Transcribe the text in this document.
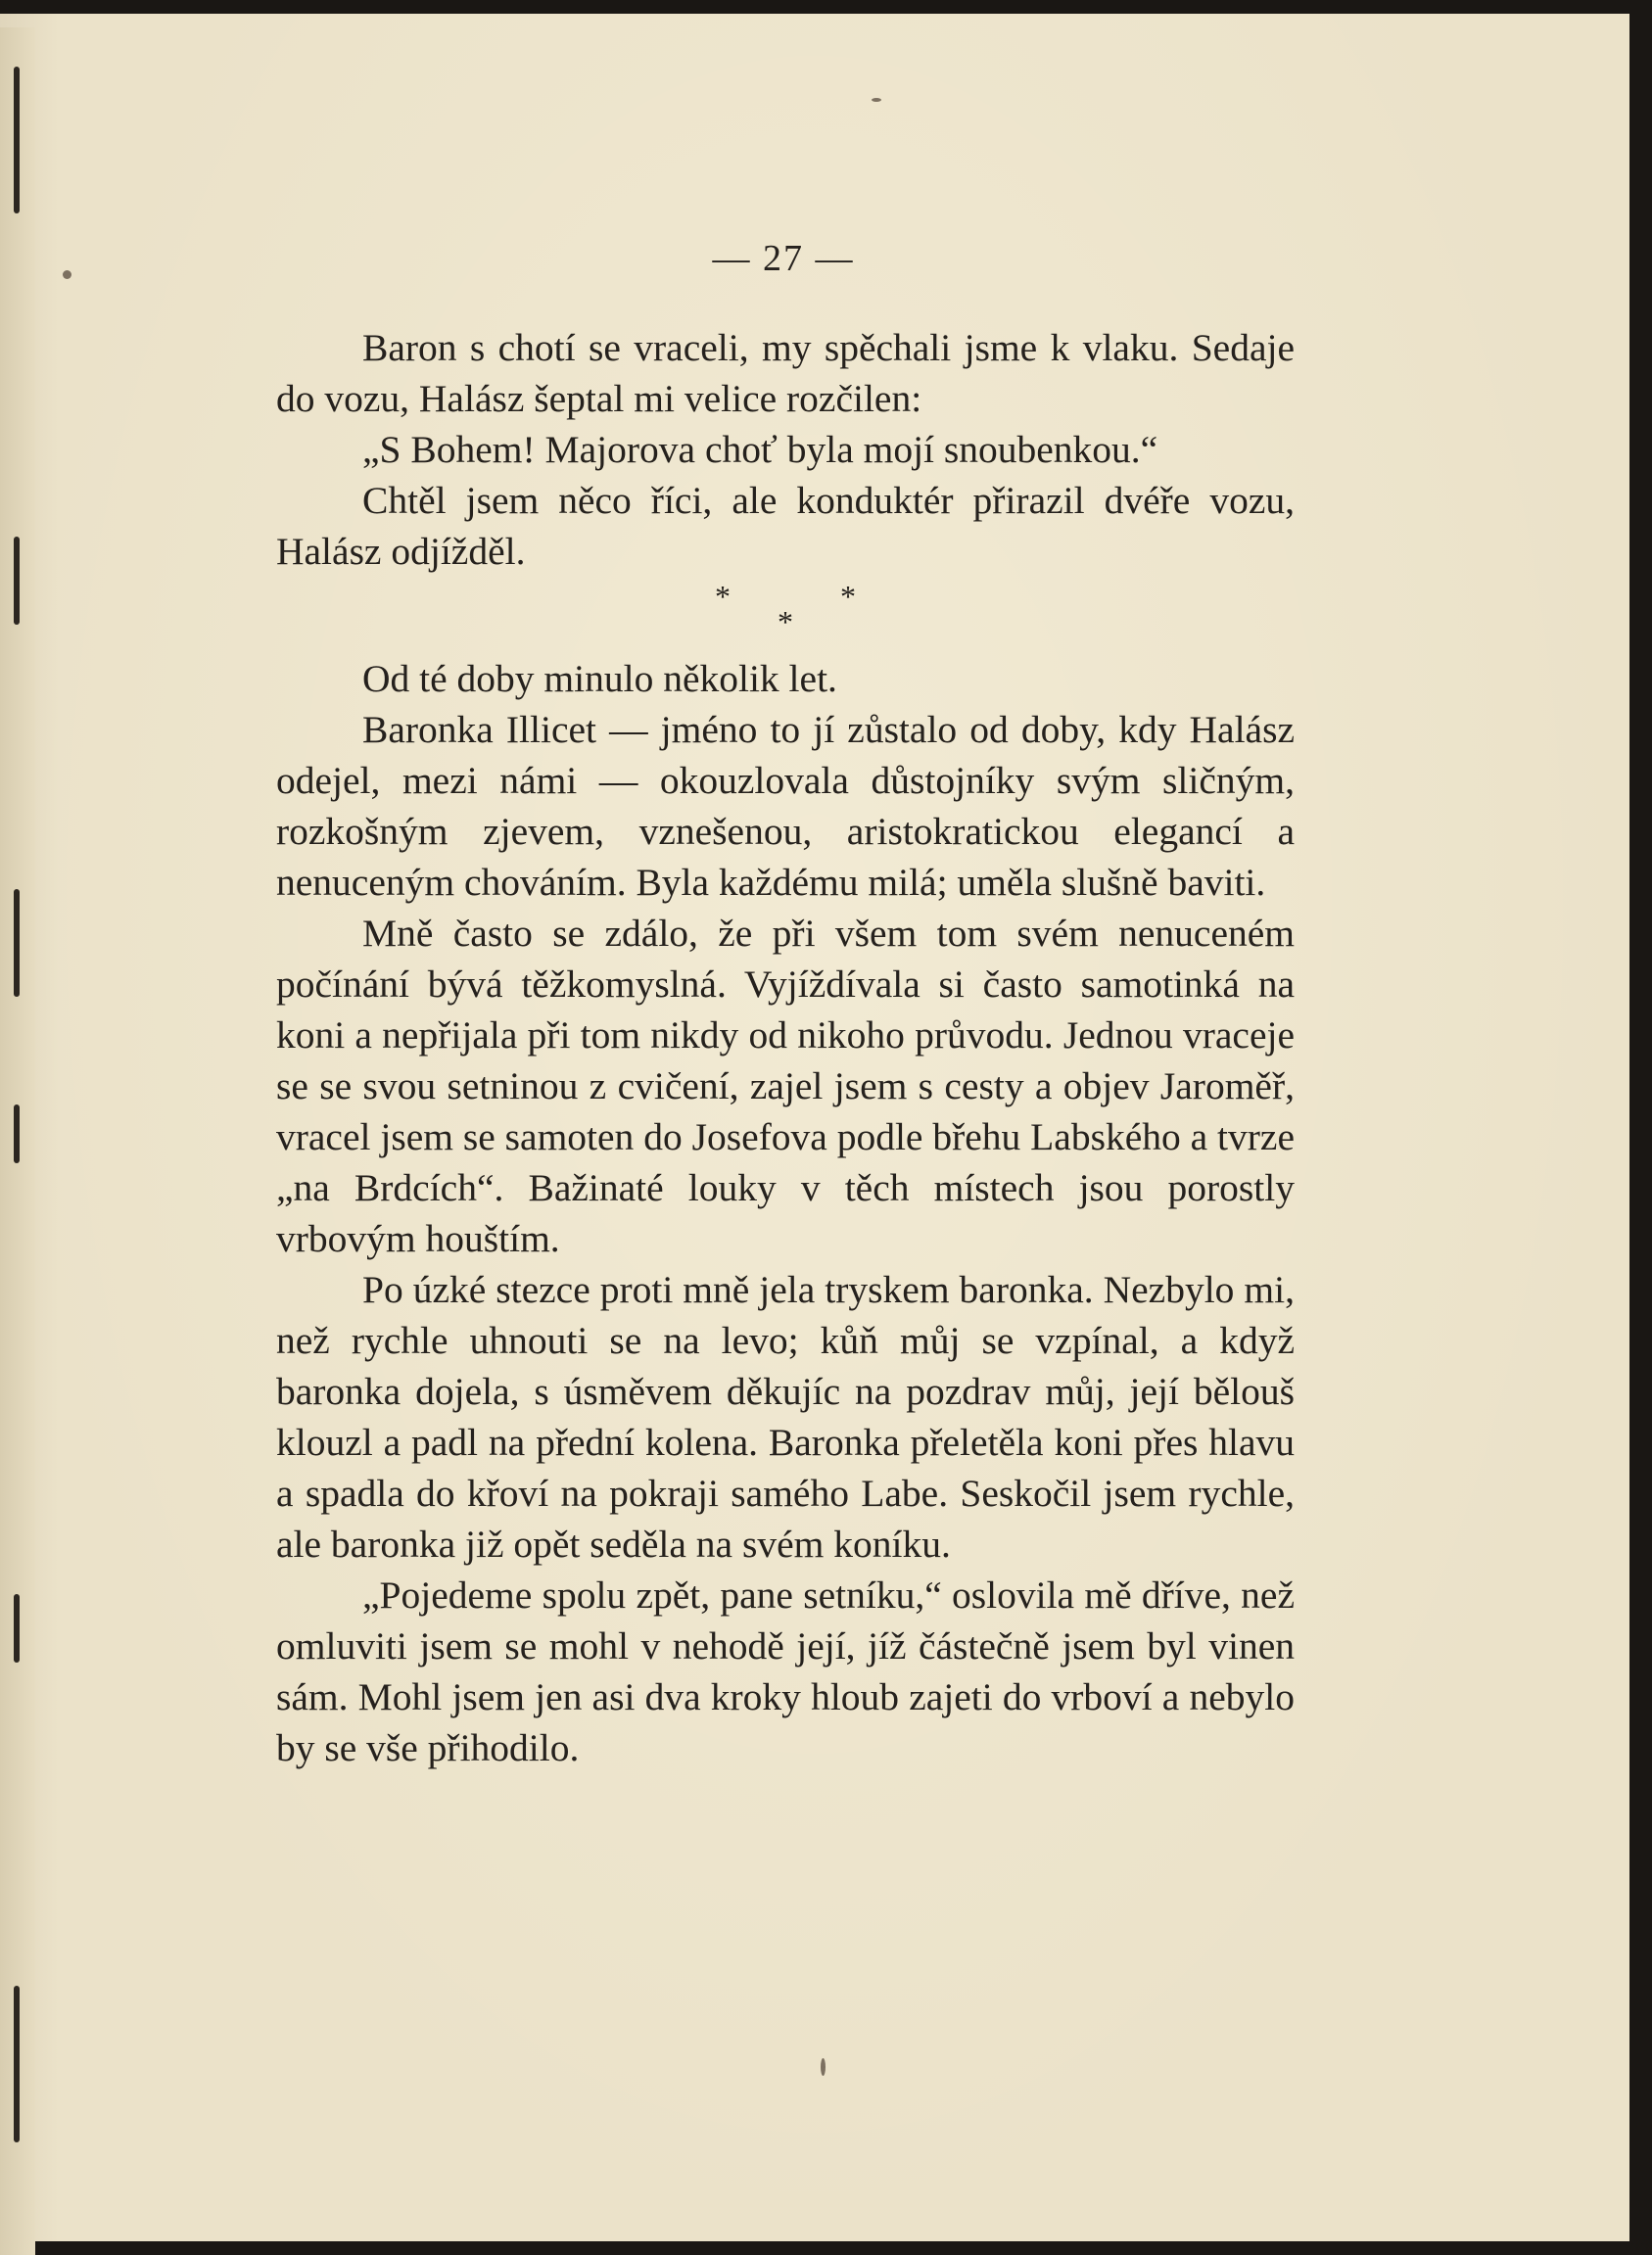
— 27 —

Baron s chotí se vraceli, my spěchali jsme k vlaku. Sedaje do vozu, Halász šeptal mi velice rozčilen:

„S Bohem! Majorova choť byla mojí snoubenkou.“

Chtěl jsem něco říci, ale konduktér přirazil dvéře vozu, Halász odjížděl.

*
*
*

Od té doby minulo několik let.

Baronka Illicet — jméno to jí zůstalo od doby, kdy Halász odejel, mezi námi — okouzlovala důstojníky svým sličným, rozkošným zjevem, vznešenou, aristokratickou elegancí a nenuceným chováním. Byla každému milá; uměla slušně baviti.

Mně často se zdálo, že při všem tom svém nenuceném počínání bývá těžkomyslná. Vyjíždívala si často samotinká na koni a nepřijala při tom nikdy od nikoho průvodu. Jednou vraceje se se svou setninou z cvičení, zajel jsem s cesty a objev Jaroměř, vracel jsem se samoten do Josefova podle břehu Labského a tvrze „na Brdcích“. Bažinaté louky v těch místech jsou porostly vrbovým houštím.

Po úzké stezce proti mně jela tryskem baronka. Nezbylo mi, než rychle uhnouti se na levo; kůň můj se vzpínal, a když baronka dojela, s úsměvem děkujíc na pozdrav můj, její bělouš klouzl a padl na přední kolena. Baronka přeletěla koni přes hlavu a spadla do křoví na pokraji samého Labe. Seskočil jsem rychle, ale baronka již opět seděla na svém koníku.

„Pojedeme spolu zpět, pane setníku,“ oslovila mě dříve, než omluviti jsem se mohl v nehodě její, jíž částečně jsem byl vinen sám. Mohl jsem jen asi dva kroky hloub zajeti do vrboví a nebylo by se vše přihodilo.
